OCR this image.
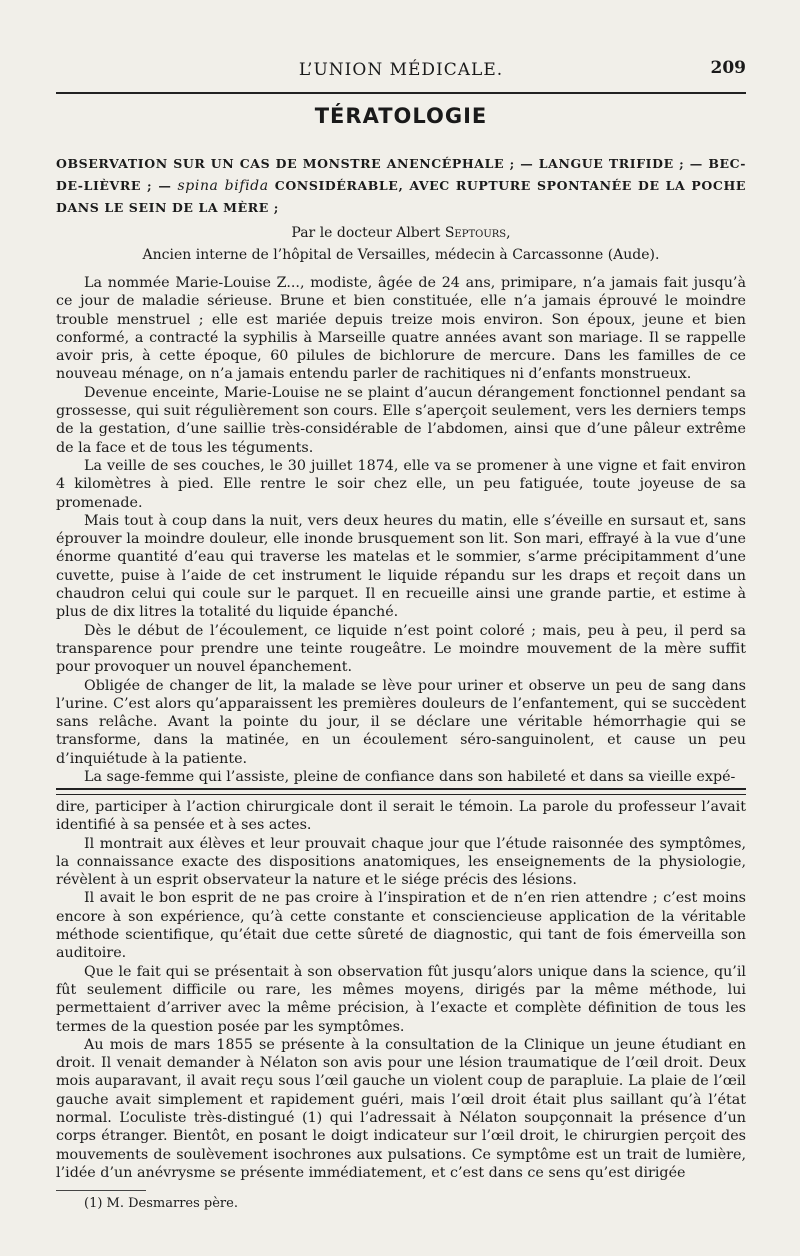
L’UNION MÉDICALE.	209
TÉRATOLOGIE
OBSERVATION SUR UN CAS DE MONSTRE ANENCÉPHALE ; — LANGUE TRIFIDE ; — BEC-DE-LIÈVRE ; — spina bifida CONSIDÉRABLE, AVEC RUPTURE SPONTANÉE DE LA POCHE DANS LE SEIN DE LA MÈRE ;
Par le docteur Albert Septours,
Ancien interne de l’hôpital de Versailles, médecin à Carcassonne (Aude).

La nommée Marie-Louise Z..., modiste, âgée de 24 ans, primipare, n’a jamais fait jusqu’à ce jour de maladie sérieuse. Brune et bien constituée, elle n’a jamais éprouvé le moindre trouble menstruel ; elle est mariée depuis treize mois environ. Son époux, jeune et bien conformé, a contracté la syphilis à Marseille quatre années avant son mariage. Il se rappelle avoir pris, à cette époque, 60 pilules de bichlorure de mercure. Dans les familles de ce nouveau ménage, on n’a jamais entendu parler de rachitiques ni d’enfants monstrueux.

Devenue enceinte, Marie-Louise ne se plaint d’aucun dérangement fonctionnel pendant sa grossesse, qui suit régulièrement son cours. Elle s’aperçoit seulement, vers les derniers temps de la gestation, d’une saillie très-considérable de l’abdomen, ainsi que d’une pâleur extrême de la face et de tous les téguments.

La veille de ses couches, le 30 juillet 1874, elle va se promener à une vigne et fait environ 4 kilomètres à pied. Elle rentre le soir chez elle, un peu fatiguée, toute joyeuse de sa promenade.

Mais tout à coup dans la nuit, vers deux heures du matin, elle s’éveille en sursaut et, sans éprouver la moindre douleur, elle inonde brusquement son lit. Son mari, effrayé à la vue d’une énorme quantité d’eau qui traverse les matelas et le sommier, s’arme précipitamment d’une cuvette, puise à l’aide de cet instrument le liquide répandu sur les draps et reçoit dans un chaudron celui qui coule sur le parquet. Il en recueille ainsi une grande partie, et estime à plus de dix litres la totalité du liquide épanché.

Dès le début de l’écoulement, ce liquide n’est point coloré ; mais, peu à peu, il perd sa transparence pour prendre une teinte rougeâtre. Le moindre mouvement de la mère suffit pour provoquer un nouvel épanchement.

Obligée de changer de lit, la malade se lève pour uriner et observe un peu de sang dans l’urine. C’est alors qu’apparaissent les premières douleurs de l’enfantement, qui se succèdent sans relâche. Avant la pointe du jour, il se déclare une véritable hémorrhagie qui se transforme, dans la matinée, en un écoulement séro-sanguinolent, et cause un peu d’inquiétude à la patiente.

La sage-femme qui l’assiste, pleine de confiance dans son habileté et dans sa vieille expé-

dire, participer à l’action chirurgicale dont il serait le témoin. La parole du professeur l’avait identifié à sa pensée et à ses actes.

Il montrait aux élèves et leur prouvait chaque jour que l’étude raisonnée des symptômes, la connaissance exacte des dispositions anatomiques, les enseignements de la physiologie, révèlent à un esprit observateur la nature et le siége précis des lésions.

Il avait le bon esprit de ne pas croire à l’inspiration et de n’en rien attendre ; c’est moins encore à son expérience, qu’à cette constante et consciencieuse application de la véritable méthode scientifique, qu’était due cette sûreté de diagnostic, qui tant de fois émerveilla son auditoire.

Que le fait qui se présentait à son observation fût jusqu’alors unique dans la science, qu’il fût seulement difficile ou rare, les mêmes moyens, dirigés par la même méthode, lui permettaient d’arriver avec la même précision, à l’exacte et complète définition de tous les termes de la question posée par les symptômes.

Au mois de mars 1855 se présente à la consultation de la Clinique un jeune étudiant en droit. Il venait demander à Nélaton son avis pour une lésion traumatique de l’œil droit. Deux mois auparavant, il avait reçu sous l’œil gauche un violent coup de parapluie. La plaie de l’œil gauche avait simplement et rapidement guéri, mais l’œil droit était plus saillant qu’à l’état normal. L’oculiste très-distingué (1) qui l’adressait à Nélaton soupçonnait la présence d’un corps étranger. Bientôt, en posant le doigt indicateur sur l’œil droit, le chirurgien perçoit des mouvements de soulèvement isochrones aux pulsations. Ce symptôme est un trait de lumière, l’idée d’un anévrysme se présente immédiatement, et c’est dans ce sens qu’est dirigée

(1) M. Desmarres père.
